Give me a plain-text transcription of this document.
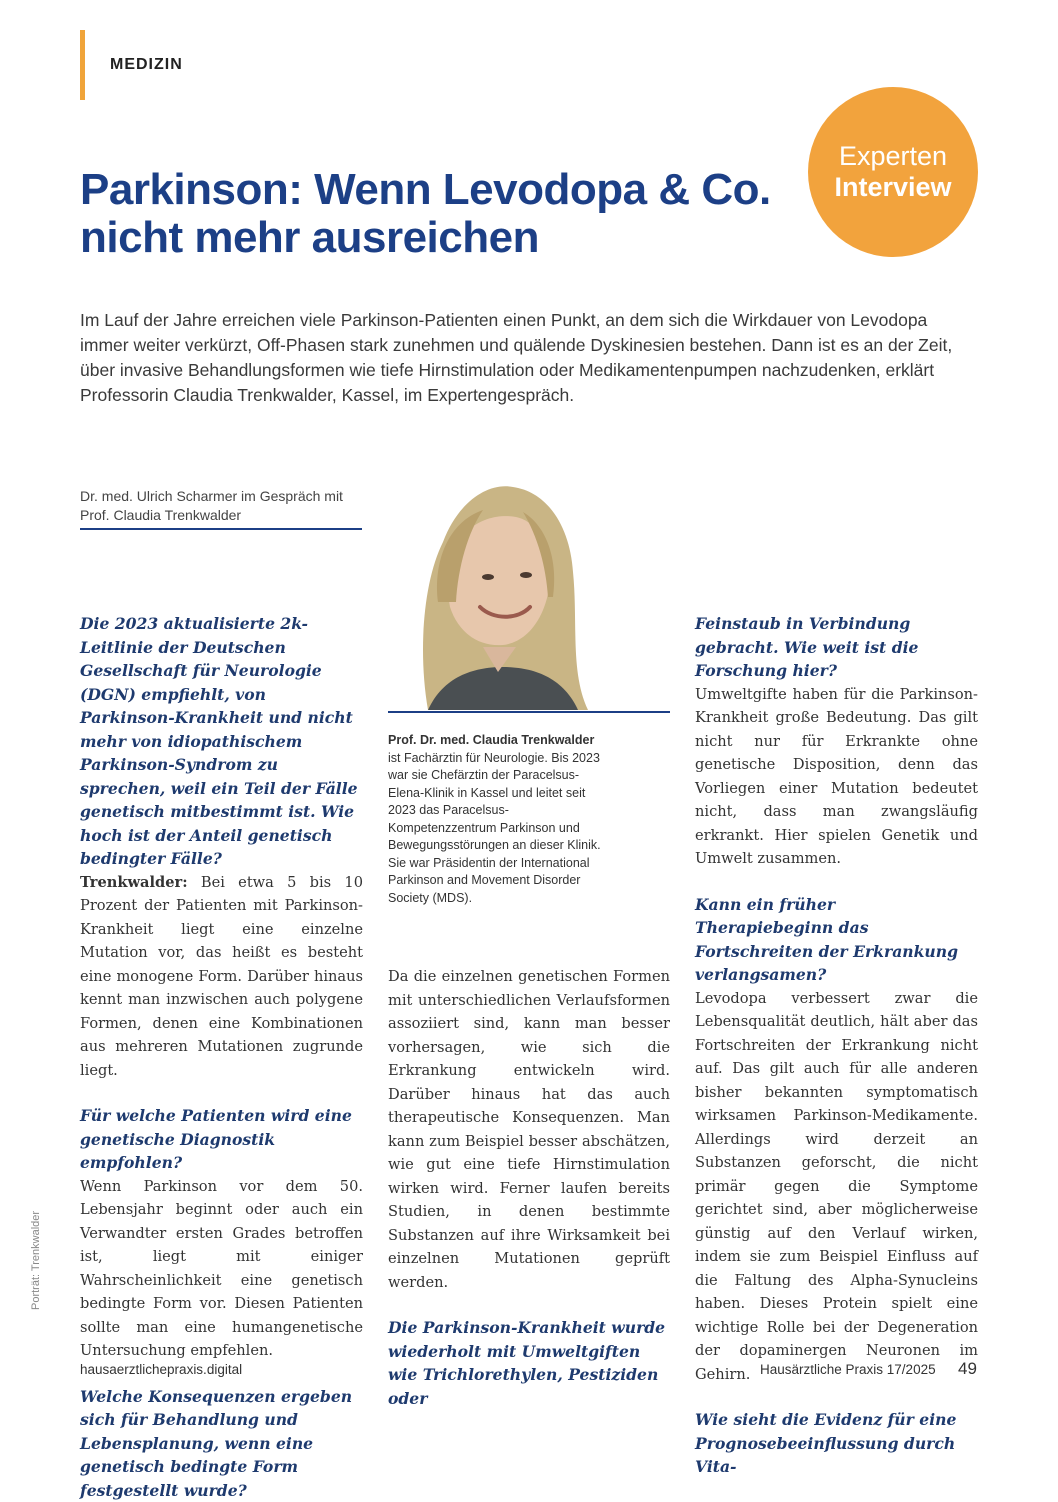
MEDIZIN
Experten
Interview
Parkinson: Wenn Levodopa & Co. nicht mehr ausreichen
Im Lauf der Jahre erreichen viele Parkinson-Patienten einen Punkt, an dem sich die Wirkdauer von Levodopa immer weiter verkürzt, Off-Phasen stark zunehmen und quälende Dyskinesien bestehen. Dann ist es an der Zeit, über invasive Behandlungsformen wie tiefe Hirnstimulation oder Medikamentenpumpen nachzudenken, erklärt Professorin Claudia Trenkwalder, Kassel, im Expertengespräch.
Dr. med. Ulrich Scharmer im Gespräch mit Prof. Claudia Trenkwalder
Prof. Dr. med. Claudia Trenkwalder
ist Fachärztin für Neurologie. Bis 2023 war sie Chefärztin der Paracelsus-Elena-Klinik in Kassel und leitet seit 2023 das Paracelsus-Kompetenzzentrum Parkinson und Bewegungsstörungen an dieser Klinik. Sie war Präsidentin der International Parkinson and Movement Disorder Society (MDS).
Die 2023 aktualisierte 2k-Leitlinie der Deutschen Gesellschaft für Neurologie (DGN) empfiehlt, von Parkinson-Krankheit und nicht mehr von idiopathischem Parkinson-Syndrom zu sprechen, weil ein Teil der Fälle genetisch mitbestimmt ist. Wie hoch ist der Anteil genetisch bedingter Fälle?
Trenkwalder: Bei etwa 5 bis 10 Prozent der Patienten mit Parkinson-Krankheit liegt eine einzelne Mutation vor, das heißt es besteht eine monogene Form. Darüber hinaus kennt man inzwischen auch polygene Formen, denen eine Kombinationen aus mehreren Mutationen zugrunde liegt.
Für welche Patienten wird eine genetische Diagnostik empfohlen?
Wenn Parkinson vor dem 50. Lebensjahr beginnt oder auch ein Verwandter ersten Grades betroffen ist, liegt mit einiger Wahrscheinlichkeit eine genetisch bedingte Form vor. Diesen Patienten sollte man eine humangenetische Untersuchung empfehlen.
Welche Konsequenzen ergeben sich für Behandlung und Lebensplanung, wenn eine genetisch bedingte Form festgestellt wurde?
Da die einzelnen genetischen Formen mit unterschiedlichen Verlaufsformen assoziiert sind, kann man besser vorhersagen, wie sich die Erkrankung entwickeln wird. Darüber hinaus hat das auch therapeutische Konsequenzen. Man kann zum Beispiel besser abschätzen, wie gut eine tiefe Hirnstimulation wirken wird. Ferner laufen bereits Studien, in denen bestimmte Substanzen auf ihre Wirksamkeit bei einzelnen Mutationen geprüft werden.
Die Parkinson-Krankheit wurde wiederholt mit Umweltgiften wie Trichlorethylen, Pestiziden oder
Feinstaub in Verbindung gebracht. Wie weit ist die Forschung hier?
Umweltgifte haben für die Parkinson-Krankheit große Bedeutung. Das gilt nicht nur für Erkrankte ohne genetische Disposition, denn das Vorliegen einer Mutation bedeutet nicht, dass man zwangsläufig erkrankt. Hier spielen Genetik und Umwelt zusammen.
Kann ein früher Therapiebeginn das Fortschreiten der Erkrankung verlangsamen?
Levodopa verbessert zwar die Lebensqualität deutlich, hält aber das Fortschreiten der Erkrankung nicht auf. Das gilt auch für alle anderen bisher bekannten symptomatisch wirksamen Parkinson-Medikamente. Allerdings wird derzeit an Substanzen geforscht, die nicht primär gegen die Symptome gerichtet sind, aber möglicherweise günstig auf den Verlauf wirken, indem sie zum Beispiel Einfluss auf die Faltung des Alpha-Synucleins haben. Dieses Protein spielt eine wichtige Rolle bei der Degeneration der dopaminergen Neuronen im Gehirn.
Wie sieht die Evidenz für eine Prognosebeeinflussung durch Vita-
Porträt: Trenkwalder
hausaerztlichepraxis.digital	Hausärztliche Praxis 17/2025 49
